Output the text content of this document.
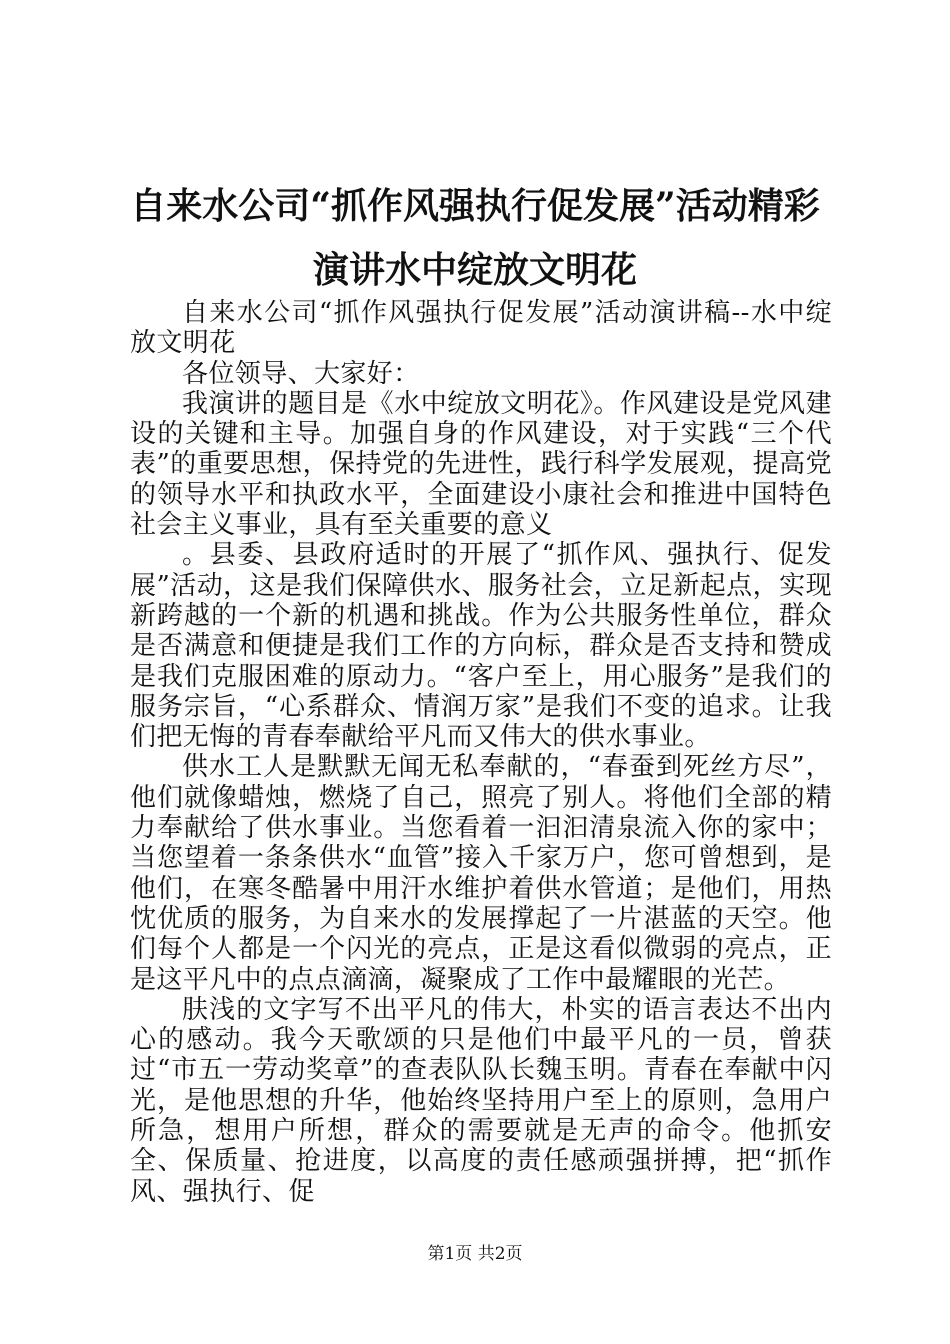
自来水公司“抓作风强执行促发展”活动精彩
演讲水中绽放文明花

自来水公司“抓作风强执行促发展”活动演讲稿--水中绽放文明花

各位领导、大家好：

我演讲的题目是《水中绽放文明花》。作风建设是党风建设的关键和主导。加强自身的作风建设，对于实践“三个代表”的重要思想，保持党的先进性，践行科学发展观，提高党的领导水平和执政水平，全面建设小康社会和推进中国特色社会主义事业，具有至关重要的意义

。县委、县政府适时的开展了“抓作风、强执行、促发展”活动，这是我们保障供水、服务社会，立足新起点，实现新跨越的一个新的机遇和挑战。作为公共服务性单位，群众是否满意和便捷是我们工作的方向标，群众是否支持和赞成是我们克服困难的原动力。“客户至上，用心服务”是我们的服务宗旨，“心系群众、情润万家”是我们不变的追求。让我们把无悔的青春奉献给平凡而又伟大的供水事业。

供水工人是默默无闻无私奉献的，“春蚕到死丝方尽”，他们就像蜡烛，燃烧了自己，照亮了别人。将他们全部的精力奉献给了供水事业。当您看着一汩汩清泉流入你的家中；当您望着一条条供水“血管”接入千家万户，您可曾想到，是他们，在寒冬酷暑中用汗水维护着供水管道；是他们，用热忱优质的服务，为自来水的发展撑起了一片湛蓝的天空。他们每个人都是一个闪光的亮点，正是这看似微弱的亮点，正是这平凡中的点点滴滴，凝聚成了工作中最耀眼的光芒。

肤浅的文字写不出平凡的伟大，朴实的语言表达不出内心的感动。我今天歌颂的只是他们中最平凡的一员，曾获过“市五一劳动奖章”的查表队队长魏玉明。青春在奉献中闪光，是他思想的升华，他始终坚持用户至上的原则，急用户所急，想用户所想，群众的需要就是无声的命令。他抓安全、保质量、抢进度，以高度的责任感顽强拼搏，把“抓作风、强执行、促

第1页 共2页
